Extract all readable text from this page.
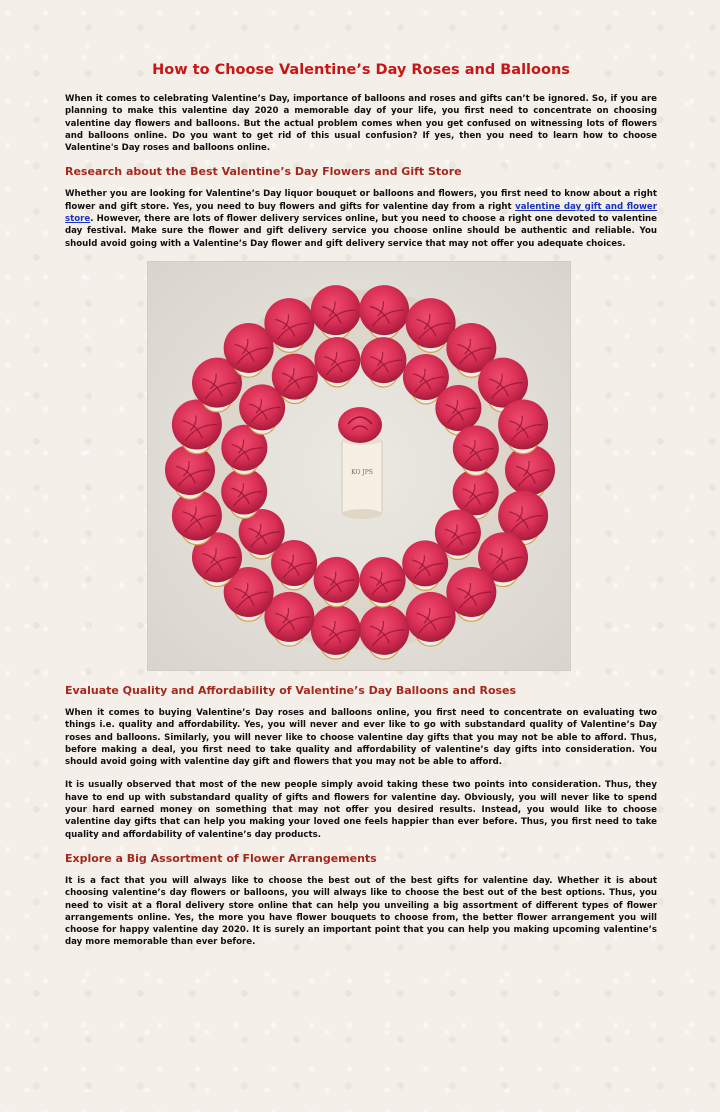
How to Choose Valentine’s Day Roses and Balloons

When it comes to celebrating Valentine’s Day, importance of balloons and roses and gifts can’t be ignored. So, if you are planning to make this valentine day 2020 a memorable day of your life, you first need to concentrate on choosing valentine day flowers and balloons. But the actual problem comes when you get confused on witnessing lots of flowers and balloons online. Do you want to get rid of this usual confusion? If yes, then you need to learn how to choose Valentine's Day roses and balloons online.

Research about the Best Valentine’s Day Flowers and Gift Store

Whether you are looking for Valentine’s Day liquor bouquet or balloons and flowers, you first need to know about a right flower and gift store. Yes, you need to buy flowers and gifts for valentine day from a right valentine day gift and flower store. However, there are lots of flower delivery services online, but you need to choose a right one devoted to valentine day festival. Make sure the flower and gift delivery service you choose online should be authentic and reliable. You should avoid going with a Valentine’s Day flower and gift delivery service that may not offer you adequate choices.

KO JPS
Evaluate Quality and Affordability of Valentine’s Day Balloons and Roses

When it comes to buying Valentine’s Day roses and balloons online, you first need to concentrate on evaluating two things i.e. quality and affordability. Yes, you will never and ever like to go with substandard quality of Valentine’s Day roses and balloons. Similarly, you will never like to choose valentine day gifts that you may not be able to afford. Thus, before making a deal, you first need to take quality and affordability of valentine’s day gifts into consideration. You should avoid going with valentine day gift and flowers that you may not be able to afford.

It is usually observed that most of the new people simply avoid taking these two points into consideration. Thus, they have to end up with substandard quality of gifts and flowers for valentine day. Obviously, you will never like to spend your hard earned money on something that may not offer you desired results. Instead, you would like to choose valentine day gifts that can help you making your loved one feels happier than ever before. Thus, you first need to take quality and affordability of valentine’s day products.

Explore a Big Assortment of Flower Arrangements

It is a fact that you will always like to choose the best out of the best gifts for valentine day. Whether it is about choosing valentine’s day flowers or balloons, you will always like to choose the best out of the best options. Thus, you need to visit at a floral delivery store online that can help you unveiling a big assortment of different types of flower arrangements online. Yes, the more you have flower bouquets to choose from, the better flower arrangement you will choose for happy valentine day 2020. It is surely an important point that you can help you making upcoming valentine’s day more memorable than ever before.
